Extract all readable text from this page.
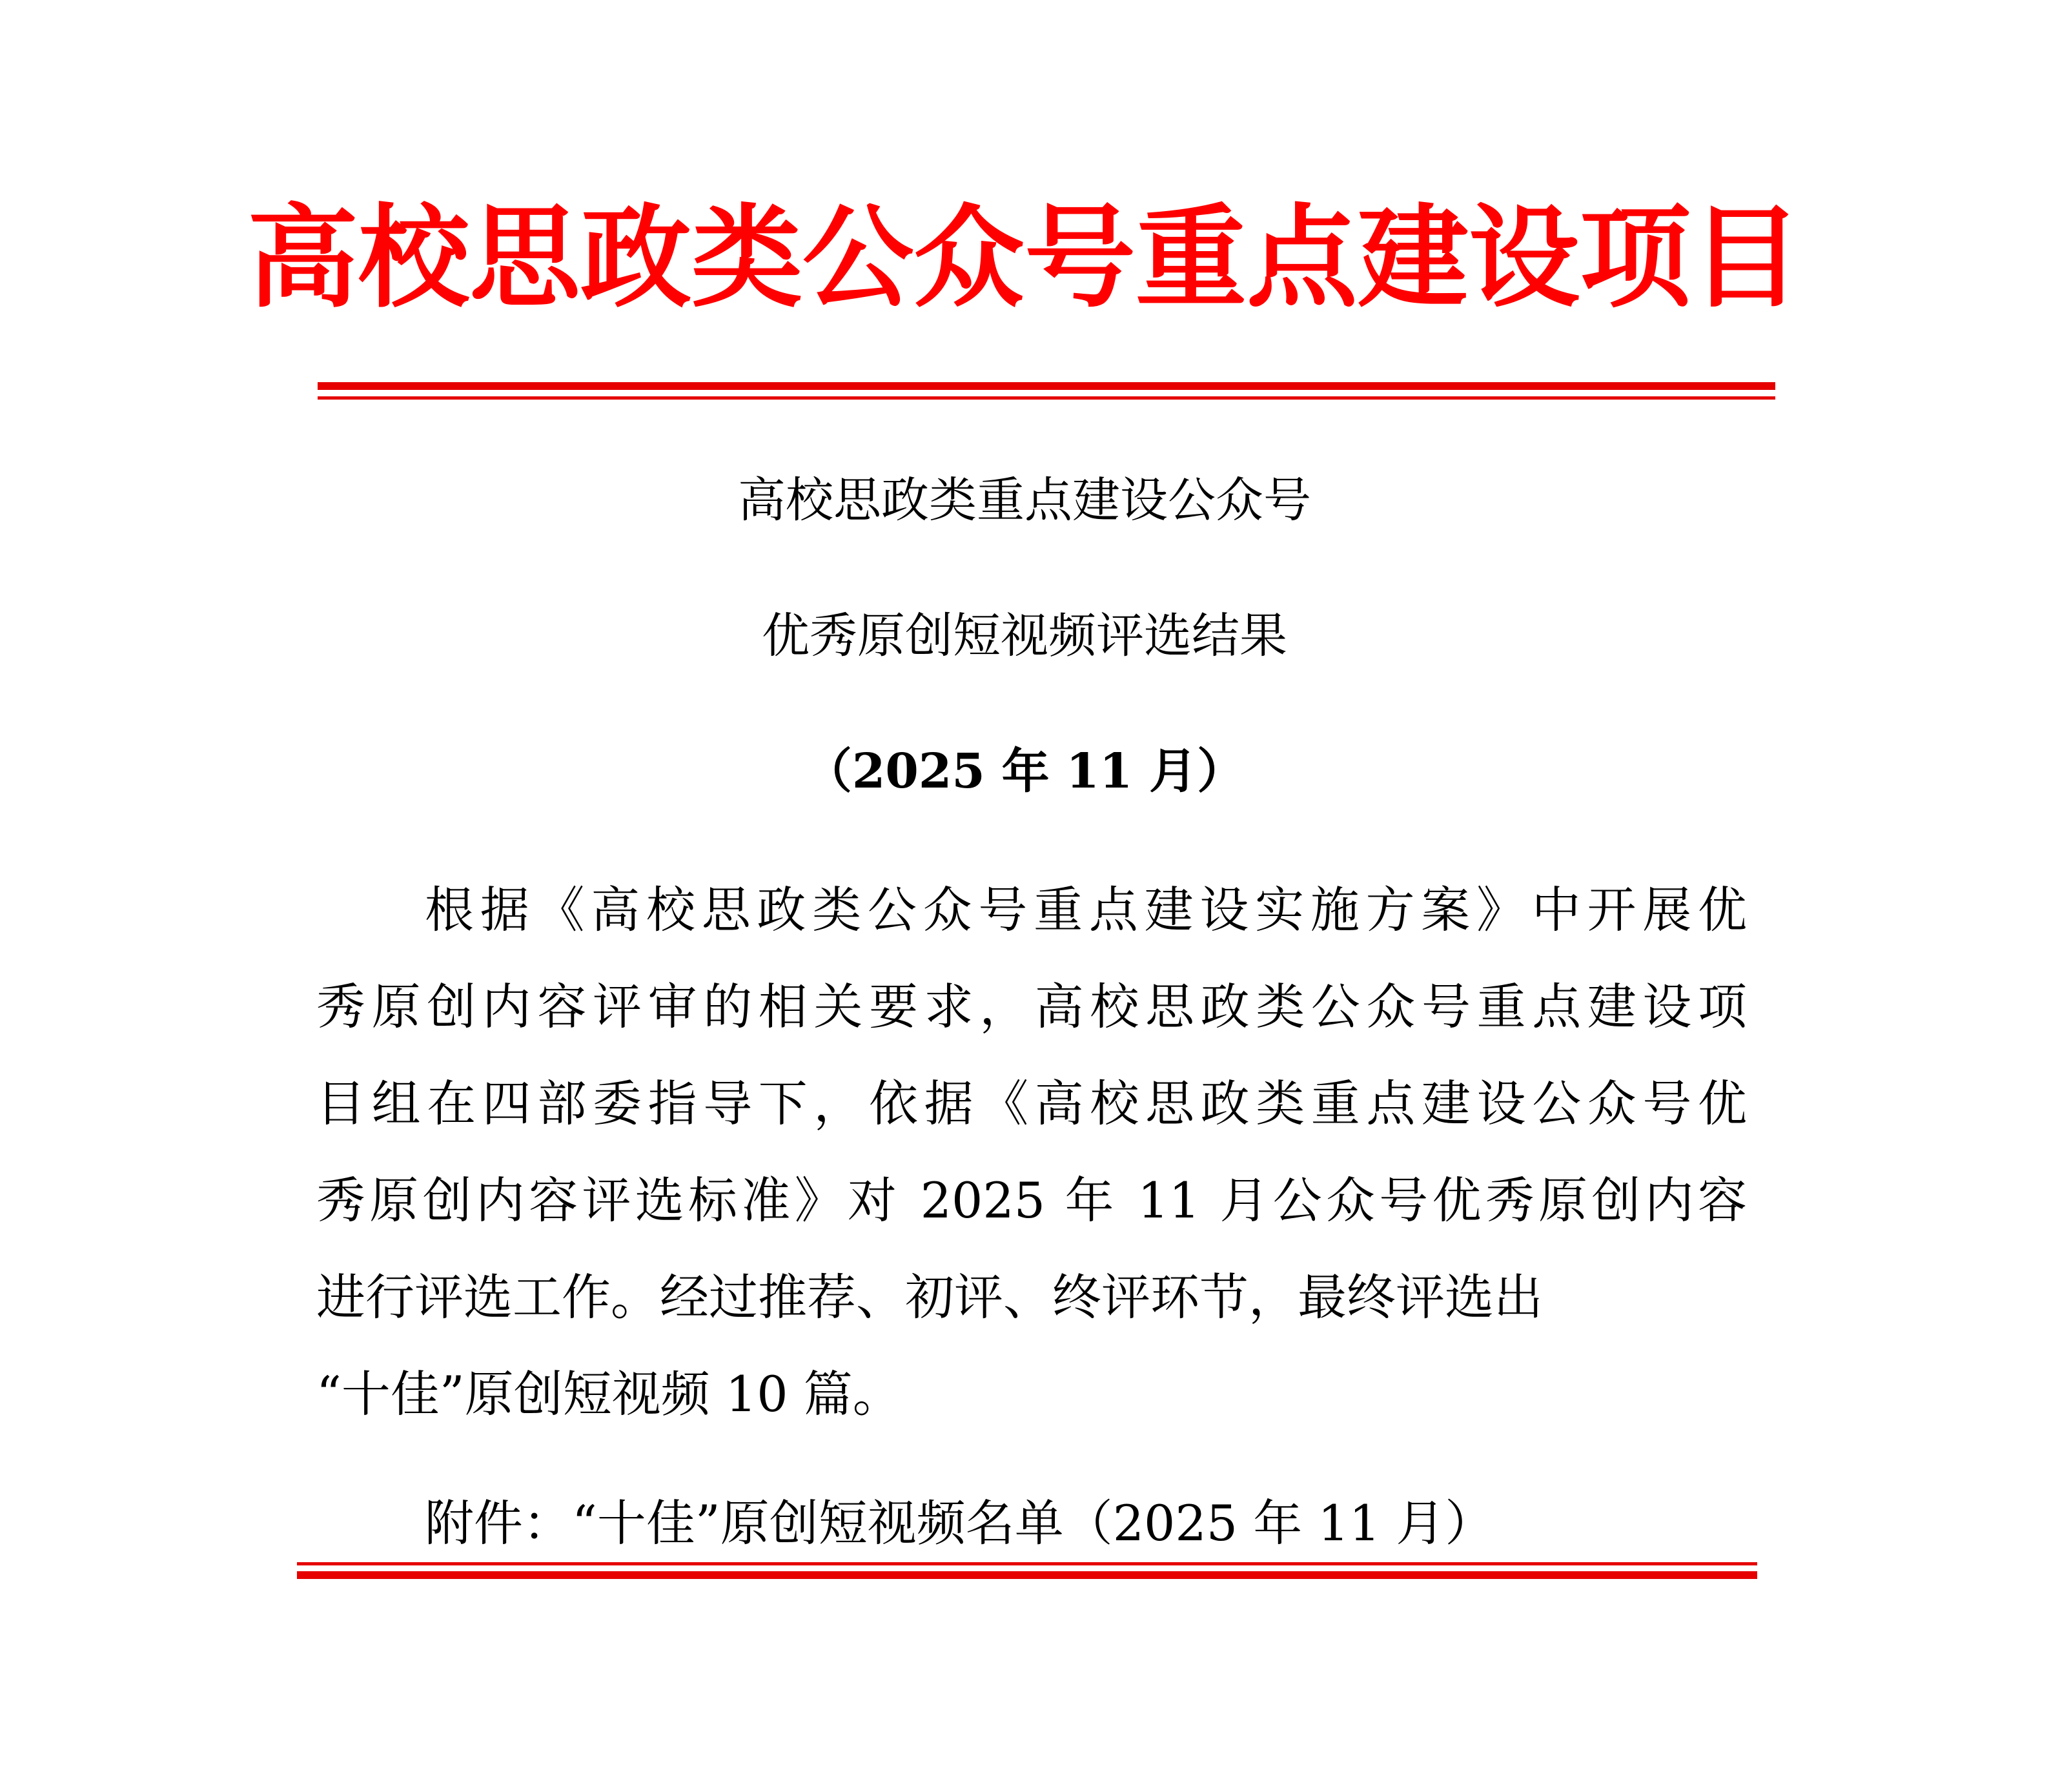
高校思政类公众号重点建设项目
高校思政类重点建设公众号
优秀原创短视频评选结果
（2025 年 11 月）
根据《高校思政类公众号重点建设实施方案》中开展优
秀原创内容评审的相关要求，高校思政类公众号重点建设项
目组在四部委指导下，依据《高校思政类重点建设公众号优
秀原创内容评选标准》对 2025 年 11 月公众号优秀原创内容
进行评选工作。经过推荐、初评、终评环节，最终评选出
“十佳”原创短视频 10 篇。
附件：“十佳”原创短视频名单（2025 年 11 月）
